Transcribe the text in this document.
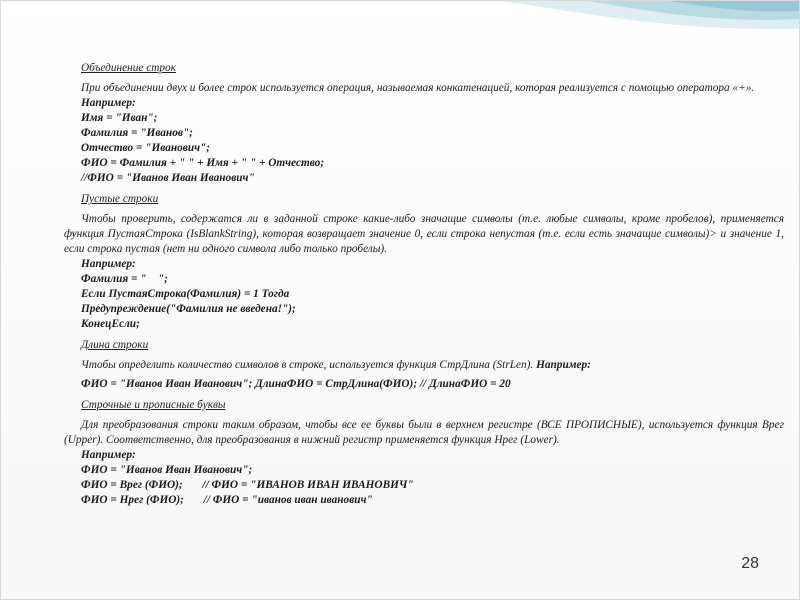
Объединение строк

При объединении двух и более строк используется операция, называемая конкатенацией, которая реализуется с помощью оператора «+».

Например:
Имя = "Иван";
Фамилия = "Иванов";
Отчество = "Иванович";
ФИО = Фамилия + " " + Имя + " " + Отчество;
//ФИО = "Иванов Иван Иванович"
Пустые строки

Чтобы проверить, содержатся ли в заданной строке какие-либо значащие символы (т.е. любые символы, кроме пробелов), применяется функция ПустаяСтрока (IsBlankString), которая возвращает значение 0, если строка непустая (т.е. если есть значащие символы)> и значение 1, если строка пустая (нет ни одного символа либо только пробелы).

Например:
Фамилия = "    ";
Если ПустаяСтрока(Фамилия) = 1 Тогда
Предупреждение("Фамилия не введена!");
КонецЕсли;
Длина строки

Чтобы определить количество символов в строке, используется функция СтрДлина (StrLen). Например:

ФИО = "Иванов Иван Иванович"; ДлинаФИО = СтрДлина(ФИО); // ДлинаФИО = 20
Строчные и прописные буквы

Для преобразования строки таким образом, чтобы все ее буквы были в верхнем регистре (ВСЕ ПРОПИСНЫЕ), используется функция Врег (Upper). Соответственно, для преобразования в нижний регистр применяется функция Нрег (Lower).

Например:
ФИО = "Иванов Иван Иванович";
ФИО = Врег (ФИО);       // ФИО = "ИВАНОВ ИВАН ИВАНОВИЧ"
ФИО = Нрег (ФИО);       // ФИО = "иванов иван иванович"
28
